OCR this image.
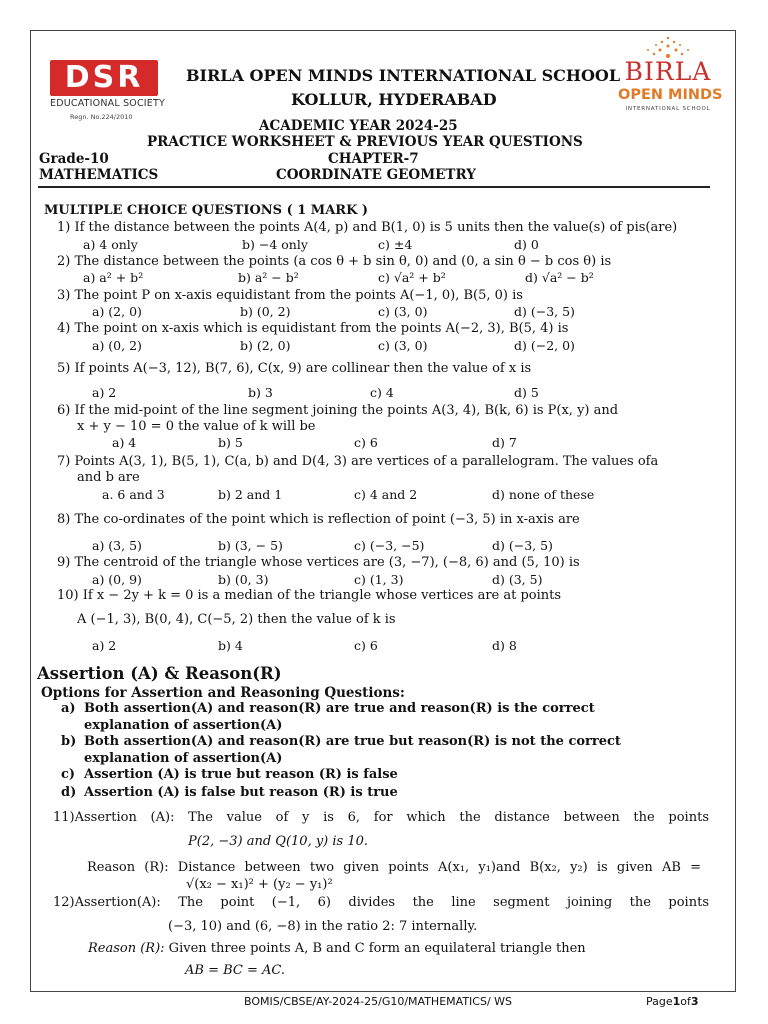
DSR
EDUCATIONAL SOCIETY
Regn. No.224/2010
BIRLA
OPEN MINDS
INTERNATIONAL SCHOOL
BIRLA OPEN MINDS INTERNATIONAL SCHOOL
KOLLUR, HYDERABAD
ACADEMIC YEAR 2024-25
PRACTICE WORKSHEET & PREVIOUS YEAR QUESTIONS
Grade-10	CHAPTER-7
MATHEMATICS	COORDINATE GEOMETRY
MULTIPLE CHOICE QUESTIONS ( 1 MARK )
1) If the distance between the points A(4, p) and B(1, 0) is 5 units then the value(s) of pis(are)
a) 4 only	b) −4 only	c) ±4	d) 0
2) The distance between the points (a cos θ + b sin θ, 0) and (0, a sin θ − b cos θ) is
a) a² + b²	b) a² − b²	c) √a² + b²	d) √a² − b²
3) The point P on x-axis equidistant from the points A(−1, 0), B(5, 0) is
a) (2, 0)	b) (0, 2)	c) (3, 0)	d) (−3, 5)
4) The point on x-axis which is equidistant from the points A(−2, 3), B(5, 4) is
a) (0, 2)	b) (2, 0)	c) (3, 0)	d) (−2, 0)
5) If points A(−3, 12), B(7, 6), C(x, 9) are collinear then the value of x is
a) 2	b) 3	c) 4	d) 5
6) If the mid-point of the line segment joining the points A(3, 4), B(k, 6) is P(x, y) and
x + y − 10 = 0 the value of k will be
a) 4	b) 5	c) 6	d) 7
7) Points A(3, 1), B(5, 1), C(a, b) and D(4, 3) are vertices of a parallelogram. The values ofa
and b are
a. 6 and 3	b) 2 and 1	c) 4 and 2	d) none of these
8) The co-ordinates of the point which is reflection of point (−3, 5) in x-axis are
a) (3, 5)	b) (3, − 5)	c) (−3, −5)	d) (−3, 5)
9) The centroid of the triangle whose vertices are (3, −7), (−8, 6) and (5, 10) is
a) (0, 9)	b) (0, 3)	c) (1, 3)	d) (3, 5)
10) If x − 2y + k = 0 is a median of the triangle whose vertices are at points
A (−1, 3), B(0, 4), C(−5, 2) then the value of k is
a) 2	b) 4	c) 6	d) 8
Assertion (A) & Reason(R)
Options for Assertion and Reasoning Questions:
a) Both assertion(A) and reason(R) are true and reason(R) is the correct
explanation of assertion(A)
b) Both assertion(A) and reason(R) are true but reason(R) is not the correct
explanation of assertion(A)
c) Assertion (A) is true but reason (R) is false
d) Assertion (A) is false but reason (R) is true
11)Assertion (A): The value of y is 6, for which the distance between the points
P(2, −3) and Q(10, y) is 10.
Reason (R): Distance between two given points A(x₁, y₁)and B(x₂, y₂) is given AB =
√(x₂ − x₁)² + (y₂ − y₁)²
12)Assertion(A): The point (−1, 6) divides the line segment joining the points
(−3, 10) and (6, −8) in the ratio 2: 7 internally.
Reason (R): Given three points A, B and C form an equilateral triangle then
AB = BC = AC.
BOMIS/CBSE/AY-2024-25/G10/MATHEMATICS/ WS	Page1of3
